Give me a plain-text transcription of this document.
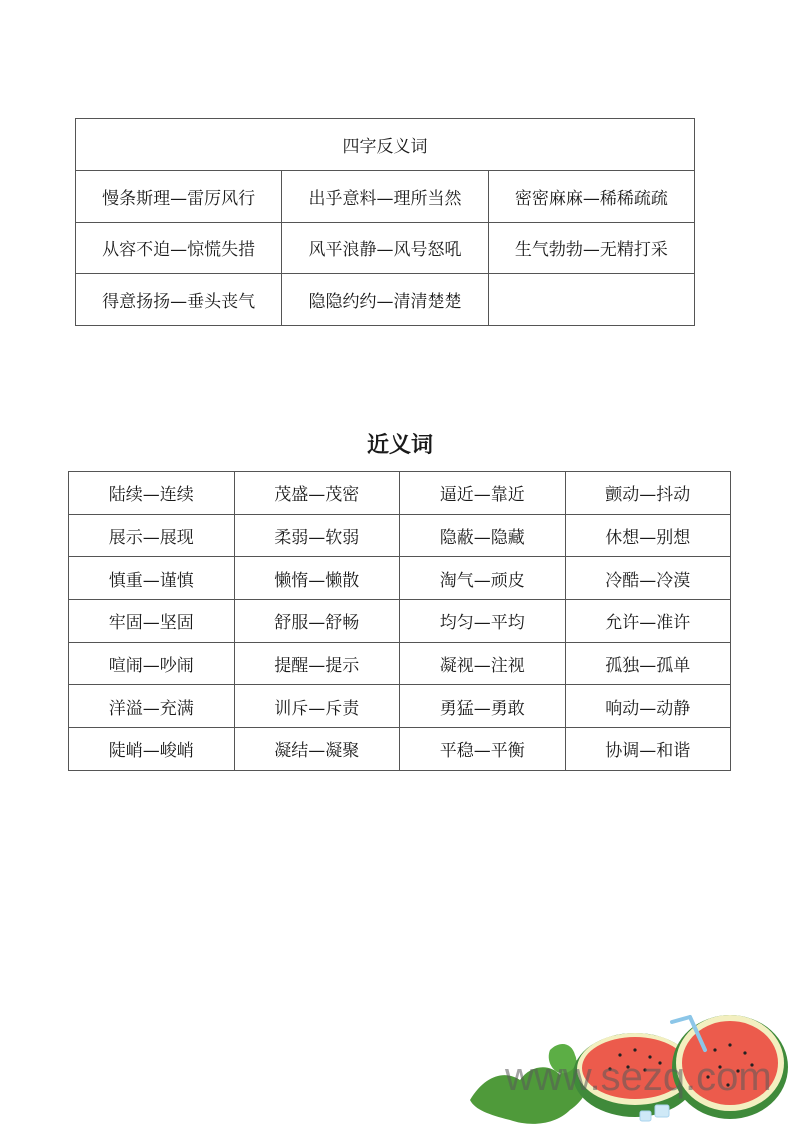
四字反义词		
慢条斯理—雷厉风行	出乎意料—理所当然	密密麻麻—稀稀疏疏
从容不迫—惊慌失措	风平浪静—风号怒吼	生气勃勃—无精打采
得意扬扬—垂头丧气	隐隐约约—清清楚楚	
近义词
陆续—连续	茂盛—茂密	逼近—靠近	颤动—抖动
展示—展现	柔弱—软弱	隐蔽—隐藏	休想—别想
慎重—谨慎	懒惰—懒散	淘气—顽皮	冷酷—冷漠
牢固—坚固	舒服—舒畅	均匀—平均	允许—准许
喧闹—吵闹	提醒—提示	凝视—注视	孤独—孤单
洋溢—充满	训斥—斥责	勇猛—勇敢	响动—动静
陡峭—峻峭	凝结—凝聚	平稳—平衡	协调—和谐
www.sezq.com
